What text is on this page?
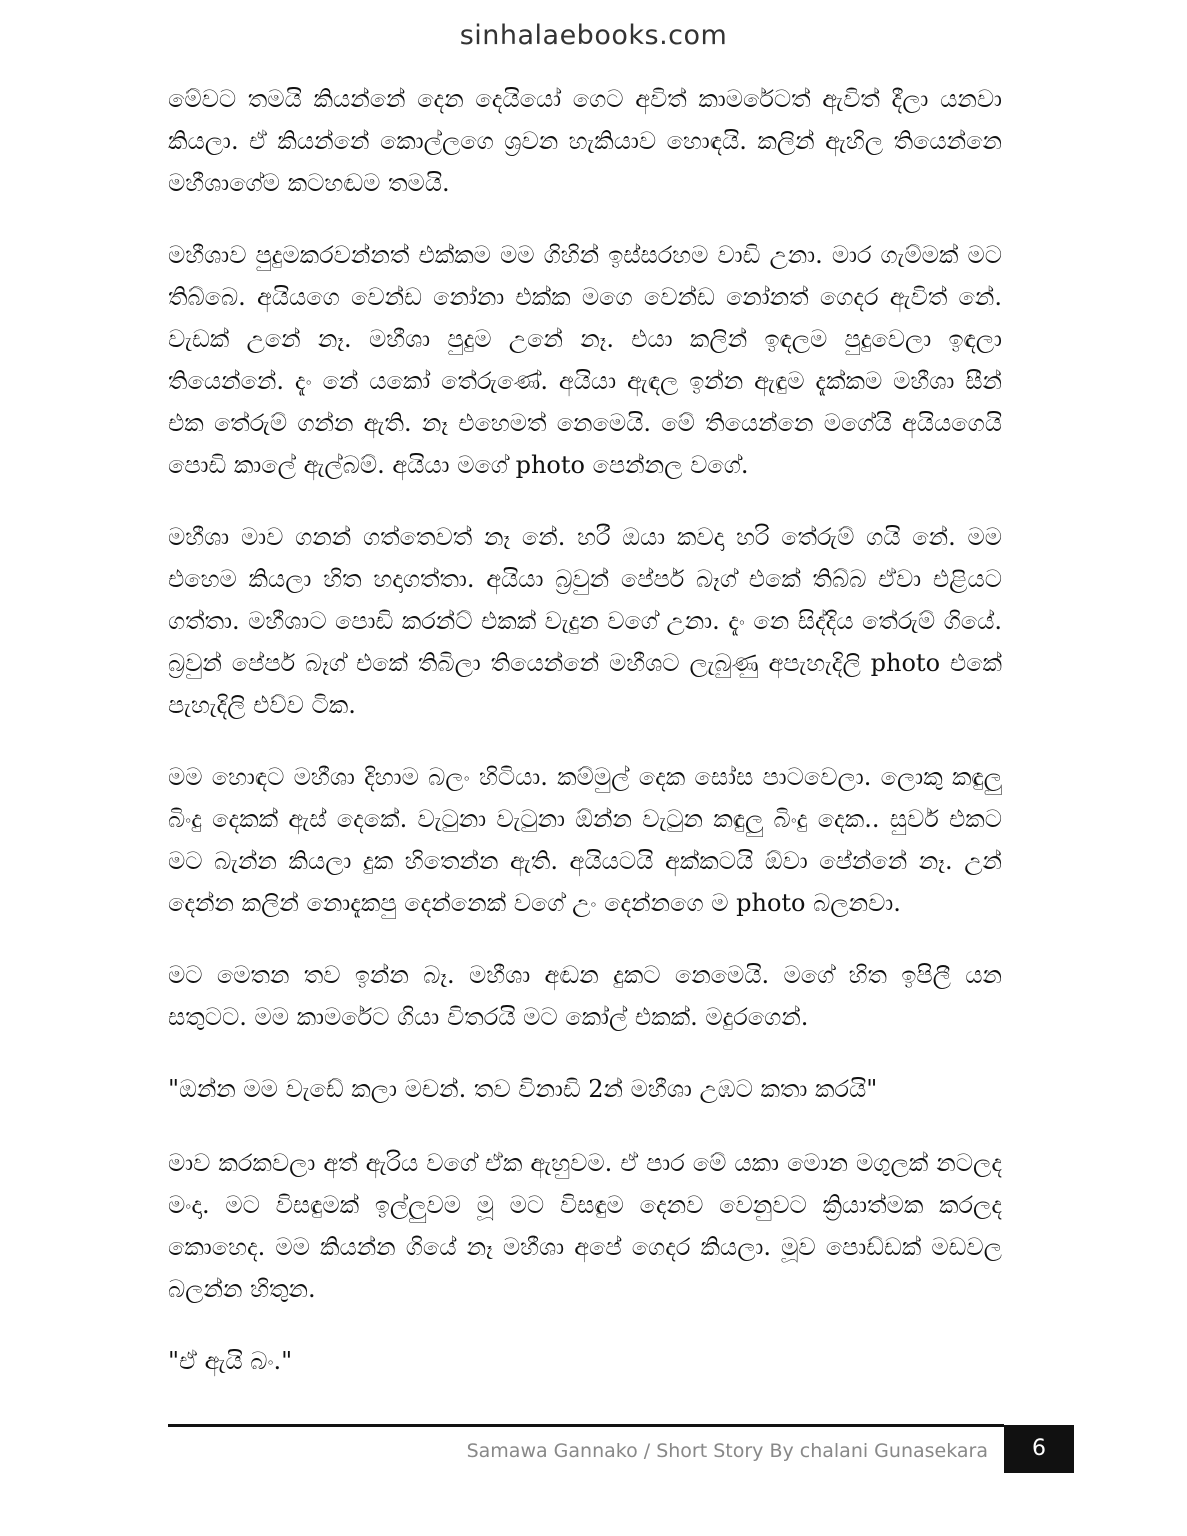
sinhalaebooks.com

මේවට තමයි කියන්නේ දෙන දෙයියෝ ගෙට අවිත් කාමරේටත් ඇවිත් දීලා යනවා කියලා. ඒ කියන්නේ කොල්ලගෙ ශ්‍රවන හැකියාව හොඳයි. කලින් ඇහිල තියෙන්නෙ මහීශාගේම කටහඬම තමයි.

මහීශාව පුදුමකරවන්නත් එක්කම මම ගිහින් ඉස්සරහම වාඩි උනා. මාර ගැම්මක් මට තිබ්බෙ. අයියගෙ වෙන්ඩ නෝනා එක්ක මගෙ වෙන්ඩ නෝනත් ගෙදර ඇවිත් නේ. වැඩක් උනේ නෑ. මහීශා පුදුම උනේ නෑ. එයා කලින් ඉඳලම පුදුවෙලා ඉඳලා තියෙන්නේ. දැං නේ යකෝ තේරුණේ. අයියා ඇඳල ඉන්න ඇඳුම දැක්කම මහීශා සීන් එක තේරුම් ගන්න ඇති. නෑ එහෙමත් නෙමෙයි. මේ තියෙන්නෙ මගේයි අයියගෙයි පොඩි කාලේ ඇල්බම්. අයියා මගේ photo පෙන්නල වගේ.

මහීශා මාව ගනන් ගත්තෙවත් නෑ නේ. හරී ඔයා කවදා හරි තේරුම් ගයි නේ. මම එහෙම කියලා හිත හදාගත්තා. අයියා බ්‍රවුන් පේපර් බෑග් එකේ තිබ්බ ඒවා එළියට ගත්තා. මහීශාට පොඩි කරන්ට් එකක් වැදුන වගේ උනා. දැං නෙ සිද්දිය තේරුම් ගියේ. බ්‍රවුන් පේපර් බෑග් එකේ තිබිලා තියෙන්නේ මහීශට ලැබුණු අපැහැදිලි photo එකේ පැහැදිලි එව්ව ටික.

මම හොඳට මහීශා දිහාම බලං හිටියා. කම්මුල් දෙක සෝස පාටවෙලා. ලොකු කඳුලු බිංදු දෙකක් ඇස් දෙකේ. වැටුනා වැටුනා ඕන්න වැටුන කඳුලු බිංදු දෙක.. සුවර් එකට මට බැන්න කියලා දුක හිතෙන්න ඇති. අයියටයි අක්කටයි ඕවා පේන්නේ නෑ. උන් දෙන්න කලින් නොදැකපු දෙන්නෙක් වගේ උං දෙන්නගෙ ම photo බලනවා.

මට මෙතන තව ඉන්න බෑ. මහීශා අඬන දුකට නෙමෙයි. මගේ හිත ඉපිලී යන සතුටට. මම කාමරේට ගියා විතරයි මට කෝල් එකක්. මදුරගෙන්.

"ඔන්න මම වැඩේ කලා මචන්. තව විනාඩි 2න් මහීශා උඹට කතා කරයි"

මාව කරකවලා අත් ඇරිය වගේ ඒක ඇහුවම. ඒ පාර මේ යකා මොන මගුලක් නටලද මංදා. මට විසඳුමක් ඉල්ලුවම මූ මට විසඳුම දෙනව වෙනුවට ක්‍රියාත්මක කරලද කොහෙද. මම කියන්න ගියේ නෑ මහීශා අපේ ගෙදර කියලා. මූව පොඩ්ඩක් මඩවල බලන්න හිතුන.

"ඒ ඇයි බං."

Samawa Gannako / Short Story By chalani Gunasekara	6
